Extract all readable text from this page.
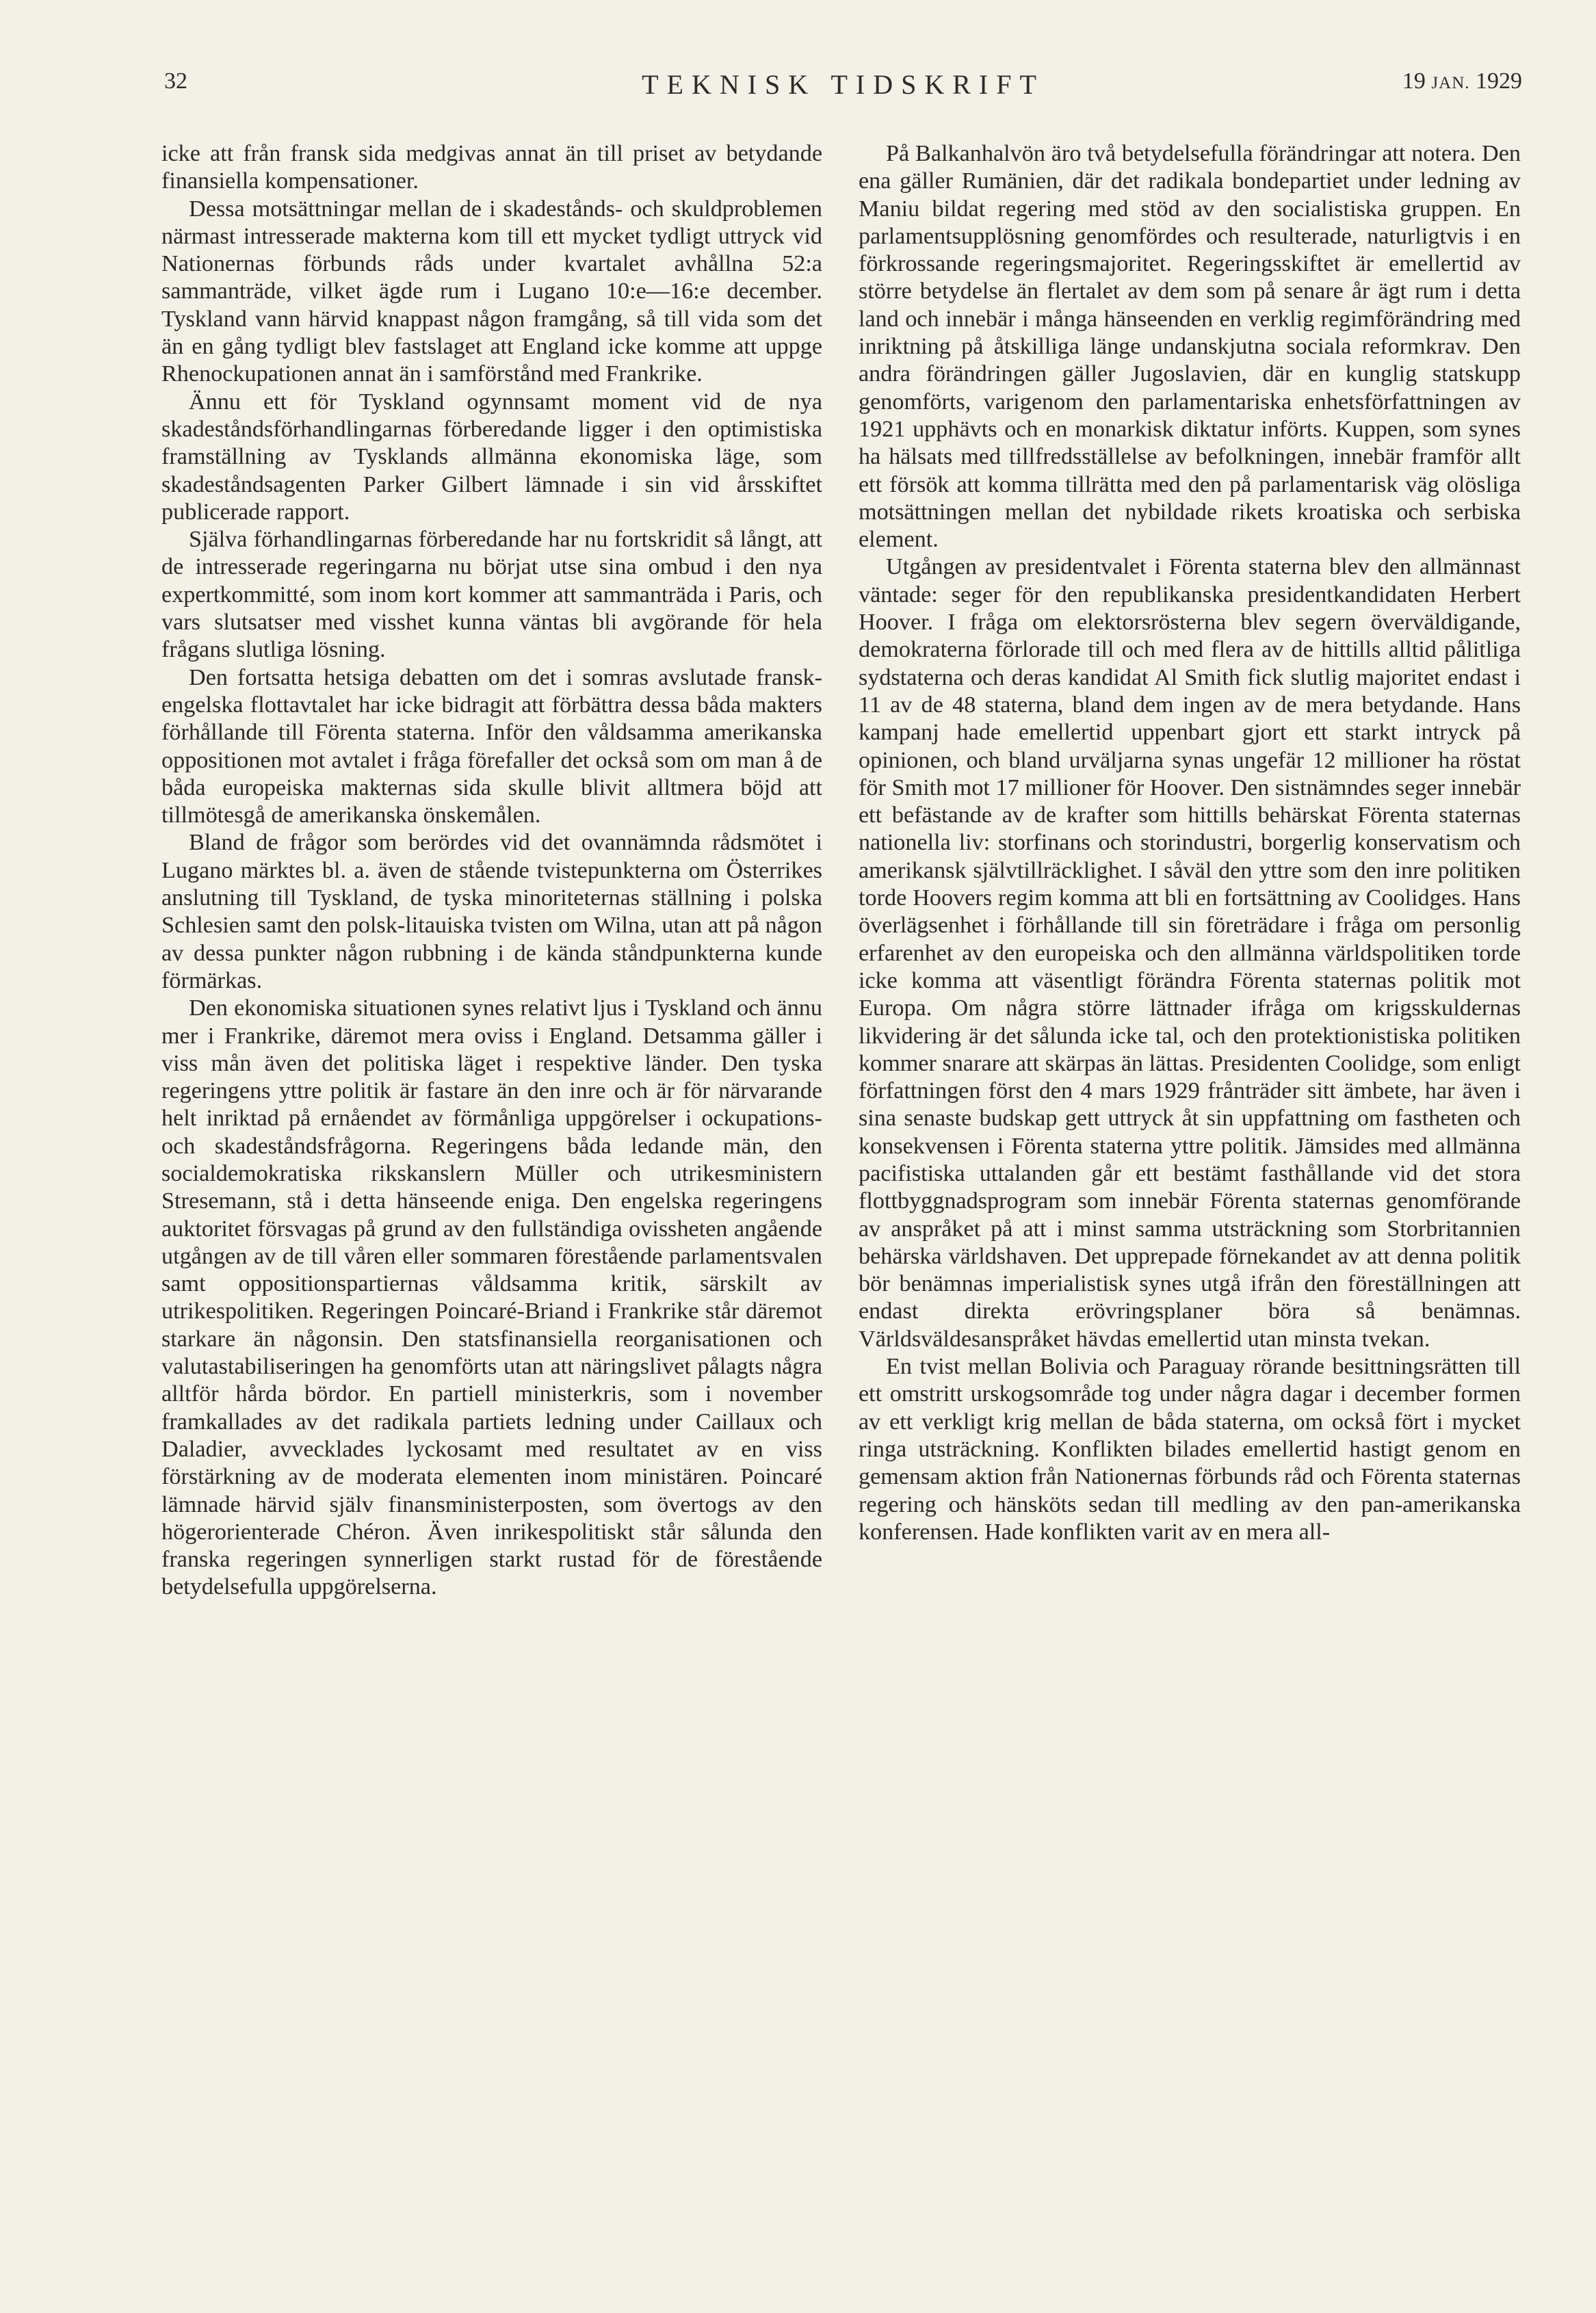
32	TEKNISK TIDSKRIFT	19 JAN. 1929

icke att från fransk sida medgivas annat än till priset av betydande finansiella kompensationer.

Dessa motsättningar mellan de i skadestånds- och skuldproblemen närmast intresserade makterna kom till ett mycket tydligt uttryck vid Nationernas förbunds råds under kvartalet avhållna 52:a sammanträde, vilket ägde rum i Lugano 10:e—16:e december. Tyskland vann härvid knappast någon framgång, så till vida som det än en gång tydligt blev fastslaget att England icke komme att uppge Rhenockupationen annat än i samförstånd med Frankrike.

Ännu ett för Tyskland ogynnsamt moment vid de nya skadeståndsförhandlingarnas förberedande ligger i den optimistiska framställning av Tysklands allmänna ekonomiska läge, som skadeståndsagenten Parker Gilbert lämnade i sin vid årsskiftet publicerade rapport.

Själva förhandlingarnas förberedande har nu fortskridit så långt, att de intresserade regeringarna nu börjat utse sina ombud i den nya expertkommitté, som inom kort kommer att sammanträda i Paris, och vars slutsatser med visshet kunna väntas bli avgörande för hela frågans slutliga lösning.

Den fortsatta hetsiga debatten om det i somras avslutade fransk-engelska flottavtalet har icke bidragit att förbättra dessa båda makters förhållande till Förenta staterna. Inför den våldsamma amerikanska oppositionen mot avtalet i fråga förefaller det också som om man å de båda europeiska makternas sida skulle blivit alltmera böjd att tillmötesgå de amerikanska önskemålen.

Bland de frågor som berördes vid det ovannämnda rådsmötet i Lugano märktes bl. a. även de stående tvistepunkterna om Österrikes anslutning till Tyskland, de tyska minoriteternas ställning i polska Schlesien samt den polsk-litauiska tvisten om Wilna, utan att på någon av dessa punkter någon rubbning i de kända ståndpunkterna kunde förmärkas.

Den ekonomiska situationen synes relativt ljus i Tyskland och ännu mer i Frankrike, däremot mera oviss i England. Detsamma gäller i viss mån även det politiska läget i respektive länder. Den tyska regeringens yttre politik är fastare än den inre och är för närvarande helt inriktad på ernåendet av förmånliga uppgörelser i ockupations- och skadeståndsfrågorna. Regeringens båda ledande män, den socialdemokratiska rikskanslern Müller och utrikesministern Stresemann, stå i detta hänseende eniga. Den engelska regeringens auktoritet försvagas på grund av den fullständiga ovissheten angående utgången av de till våren eller sommaren förestående parlamentsvalen samt oppositionspartiernas våldsamma kritik, särskilt av utrikespolitiken. Regeringen Poincaré-Briand i Frankrike står däremot starkare än någonsin. Den statsfinansiella reorganisationen och valutastabiliseringen ha genomförts utan att näringslivet pålagts några alltför hårda bördor. En partiell ministerkris, som i november framkallades av det radikala partiets ledning under Caillaux och Daladier, avvecklades lyckosamt med resultatet av en viss förstärkning av de moderata elementen inom ministären. Poincaré lämnade härvid själv finansministerposten, som övertogs av den högerorienterade Chéron. Även inrikespolitiskt står sålunda den franska regeringen synnerligen starkt rustad för de förestående betydelsefulla uppgörelserna.

På Balkanhalvön äro två betydelsefulla förändringar att notera. Den ena gäller Rumänien, där det radikala bondepartiet under ledning av Maniu bildat regering med stöd av den socialistiska gruppen. En parlamentsupplösning genomfördes och resulterade, naturligtvis i en förkrossande regeringsmajoritet. Regeringsskiftet är emellertid av större betydelse än flertalet av dem som på senare år ägt rum i detta land och innebär i många hänseenden en verklig regimförändring med inriktning på åtskilliga länge undanskjutna sociala reformkrav. Den andra förändringen gäller Jugoslavien, där en kunglig statskupp genomförts, varigenom den parlamentariska enhetsförfattningen av 1921 upphävts och en monarkisk diktatur införts. Kuppen, som synes ha hälsats med tillfredsställelse av befolkningen, innebär framför allt ett försök att komma tillrätta med den på parlamentarisk väg olösliga motsättningen mellan det nybildade rikets kroatiska och serbiska element.

Utgången av presidentvalet i Förenta staterna blev den allmännast väntade: seger för den republikanska presidentkandidaten Herbert Hoover. I fråga om elektorsrösterna blev segern överväldigande, demokraterna förlorade till och med flera av de hittills alltid pålitliga sydstaterna och deras kandidat Al Smith fick slutlig majoritet endast i 11 av de 48 staterna, bland dem ingen av de mera betydande. Hans kampanj hade emellertid uppenbart gjort ett starkt intryck på opinionen, och bland urväljarna synas ungefär 12 millioner ha röstat för Smith mot 17 millioner för Hoover. Den sistnämndes seger innebär ett befästande av de krafter som hittills behärskat Förenta staternas nationella liv: storfinans och storindustri, borgerlig konservatism och amerikansk självtillräcklighet. I såväl den yttre som den inre politiken torde Hoovers regim komma att bli en fortsättning av Coolidges. Hans överlägsenhet i förhållande till sin företrädare i fråga om personlig erfarenhet av den europeiska och den allmänna världspolitiken torde icke komma att väsentligt förändra Förenta staternas politik mot Europa. Om några större lättnader ifråga om krigsskuldernas likvidering är det sålunda icke tal, och den protektionistiska politiken kommer snarare att skärpas än lättas. Presidenten Coolidge, som enligt författningen först den 4 mars 1929 frånträder sitt ämbete, har även i sina senaste budskap gett uttryck åt sin uppfattning om fastheten och konsekvensen i Förenta staterna yttre politik. Jämsides med allmänna pacifistiska uttalanden går ett bestämt fasthållande vid det stora flottbyggnadsprogram som innebär Förenta staternas genomförande av anspråket på att i minst samma utsträckning som Storbritannien behärska världshaven. Det upprepade förnekandet av att denna politik bör benämnas imperialistisk synes utgå ifrån den föreställningen att endast direkta erövringsplaner böra så benämnas. Världsväldesanspråket hävdas emellertid utan minsta tvekan.

En tvist mellan Bolivia och Paraguay rörande besittningsrätten till ett omstritt urskogsområde tog under några dagar i december formen av ett verkligt krig mellan de båda staterna, om också fört i mycket ringa utsträckning. Konflikten bilades emellertid hastigt genom en gemensam aktion från Nationernas förbunds råd och Förenta staternas regering och hänsköts sedan till medling av den pan-amerikanska konferensen. Hade konflikten varit av en mera all-
